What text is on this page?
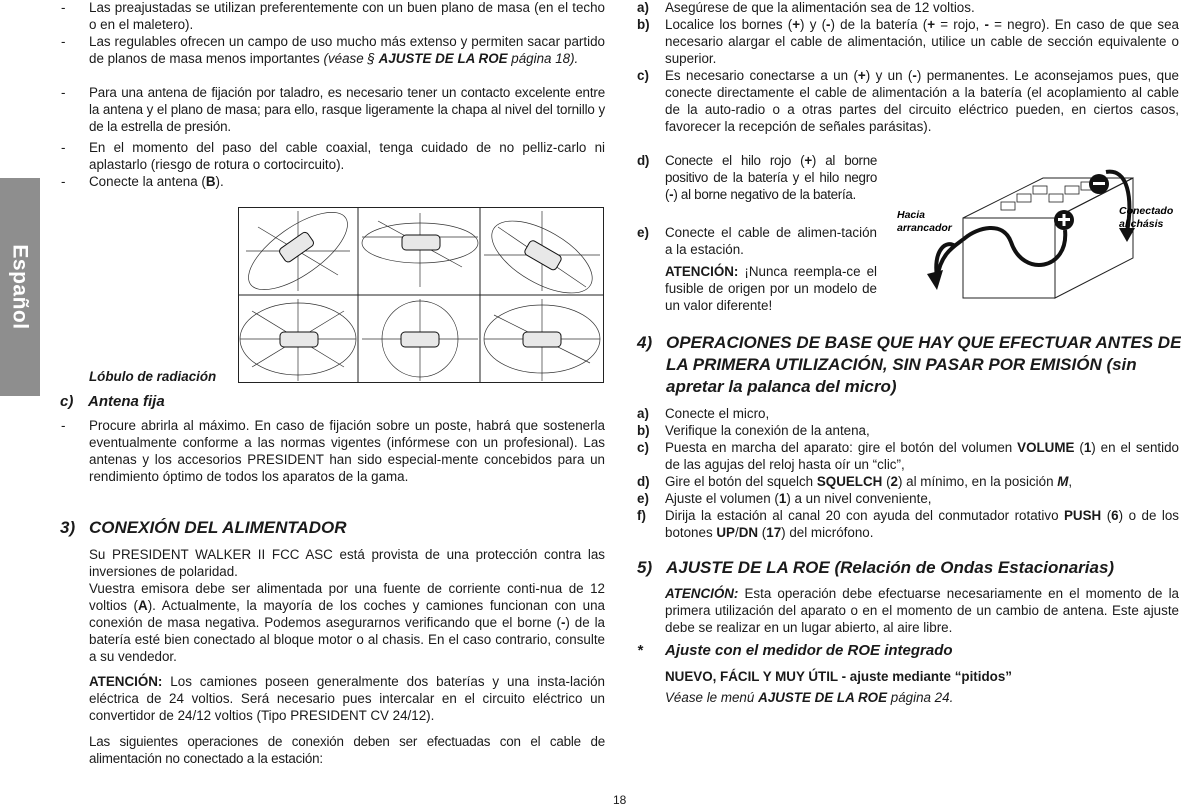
Español

- Las preajustadas se utilizan preferentemente con un buen plano de masa (en el techo o en el maletero).

- Las regulables ofrecen un campo de uso mucho más extenso y permiten sacar partido de planos de masa menos importantes (véase § AJUSTE DE LA ROE página 18).

- Para una antena de fijación por taladro, es necesario tener un contacto excelente entre la antena y el plano de masa; para ello, rasque ligeramente la chapa al nivel del tornillo y de la estrella de presión.

- En el momento del paso del cable coaxial, tenga cuidado de no pelliz-carlo ni aplastarlo (riesgo de rotura o cortocircuito).

- Conecte la antena (B).

Lóbulo de radiación

c) Antena fija

- Procure abrirla al máximo. En caso de fijación sobre un poste, habrá que sostenerla eventualmente conforme a las normas vigentes (infórmese con un profesional). Las antenas y los accesorios PRESIDENT han sido especial-mente concebidos para un rendimiento óptimo de todos los aparatos de la gama.

3) CONEXIÓN DEL ALIMENTADOR

Su PRESIDENT WALKER II FCC ASC está provista de una protección contra las inversiones de polaridad.

Vuestra emisora debe ser alimentada por una fuente de corriente conti-nua de 12 voltios (A). Actualmente, la mayoría de los coches y camiones funcionan con una conexión de masa negativa. Podemos asegurarnos verificando que el borne (-) de la batería esté bien conectado al bloque motor o al chasis. En el caso contrario, consulte a su vendedor.

ATENCIÓN: Los camiones poseen generalmente dos baterías y una insta-lación eléctrica de 24 voltios. Será necesario pues intercalar en el circuito eléctrico un convertidor de 24/12 voltios (Tipo PRESIDENT CV 24/12).

Las siguientes operaciones de conexión deben ser efectuadas con el cable de alimentación no conectado a la estación:

a) Asegúrese de que la alimentación sea de 12 voltios.

b) Localice los bornes (+) y (-) de la batería (+ = rojo, - = negro). En caso de que sea necesario alargar el cable de alimentación, utilice un cable de sección equivalente o superior.

c) Es necesario conectarse a un (+) y un (-) permanentes. Le aconsejamos pues, que conecte directamente el cable de alimentación a la batería (el acoplamiento al cable de la auto-radio o a otras partes del circuito eléctrico pueden, en ciertos casos, favorecer la recepción de señales parásitas).

d) Conecte el hilo rojo (+) al borne positivo de la batería y el hilo negro (-) al borne negativo de la batería.

e) Conecte el cable de alimen-tación a la estación.

ATENCIÓN: ¡Nunca reempla-ce el fusible de origen por un modelo de un valor diferente!

Hacia
arrancador
Conectado
al chásis
4) OPERACIONES DE BASE QUE HAY QUE EFECTUAR ANTES DE LA PRIMERA UTILIZACIÓN, SIN PASAR POR EMISIÓN (sin apretar la palanca del micro)

a) Conecte el micro,

b) Verifique la conexión de la antena,

c) Puesta en marcha del aparato: gire el botón del volumen VOLUME (1) en el sentido de las agujas del reloj hasta oír un “clic”,

d) Gire el botón del squelch SQUELCH (2) al mínimo, en la posición M,

e) Ajuste el volumen (1) a un nivel conveniente,

f) Dirija la estación al canal 20 con ayuda del conmutador rotativo PUSH (6) o de los botones UP/DN (17) del micrófono.

5) AJUSTE DE LA ROE (Relación de Ondas Estacionarias)

ATENCIÓN: Esta operación debe efectuarse necesariamente en el momento de la primera utilización del aparato o en el momento de un cambio de antena. Este ajuste debe se realizar en un lugar abierto, al aire libre.

* Ajuste con el medidor de ROE integrado

NUEVO, FÁCIL Y MUY ÚTIL - ajuste mediante “pitidos”

Véase le menú AJUSTE DE LA ROE página 24.

18
